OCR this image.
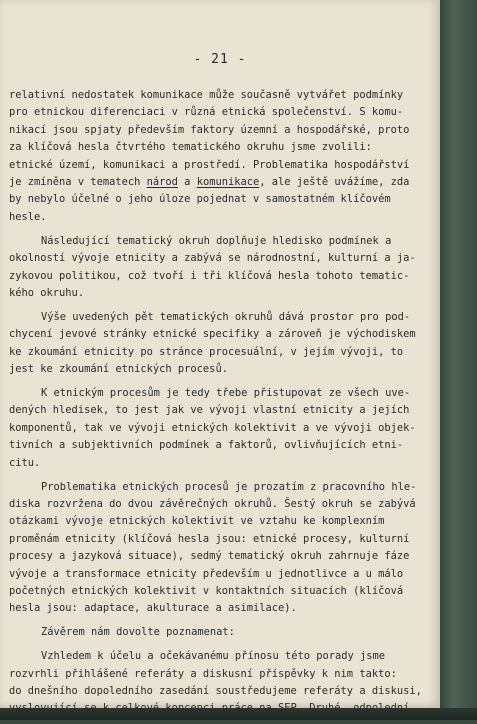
- 21 -
relativní nedostatek komunikace může současně vytvářet podmínky
pro etnickou diferenciaci v různá etnická společenství. S komu-
nikací jsou spjaty především faktory územní a hospodářské, proto
za klíčová hesla čtvrtého tematického okruhu jsme zvolili:
etnické území, komunikaci a prostředí. Problematika hospodářství
je zmíněna v tematech národ a komunikace, ale ještě uvážíme, zda
by nebylo účelné o jeho úloze pojednat v samostatném klíčovém
hesle.
Následující tematický okruh doplňuje hledisko podmínek a
okolností vývoje etnicity a zabývá se národnostní, kulturní a ja-
zykovou politikou, což tvoří i tři klíčová hesla tohoto tematic-
kého okruhu.
Výše uvedených pět tematických okruhů dává prostor pro pod-
chycení jevové stránky etnické specifiky a zároveň je východiskem
ke zkoumání etnicity po stránce procesuální, v jejím vývoji, to
jest ke zkoumání etnických procesů.
K etnickým procesům je tedy třebe přistupovat ze všech uve-
dených hledisek, to jest jak ve vývoji vlastní etnicity a jejích
komponentů, tak ve vývoji etnických kolektivit a ve vývoji objek-
tivních a subjektivních podmínek a faktorů, ovlivňujících etni-
citu.
Problematika etnických procesů je prozatím z pracovního hle-
diska rozvržena do dvou závěrečných okruhů. Šestý okruh se zabývá
otázkami vývoje etnických kolektivit ve vztahu ke komplexním
proměnám etnicity (klíčová hesla jsou: etnické procesy, kulturní
procesy a jazyková situace), sedmý tematický okruh zahrnuje fáze
vývoje a transformace etnicity především u jednotlivce a u málo
početných etnických kolektivit v kontaktních situacích (klíčová
hesla jsou: adaptace, akulturace a asimilace).
Závěrem nám dovolte poznamenat:
Vzhledem k účelu a očekávanému přínosu této porady jsme
rozvrhli přihlášené referáty a diskusní příspěvky k nim takto:
do dnešního dopoledního zasedání soustředujeme referáty a diskusi,
vyslovující se k celkové koncepci práce na SEP. Druhé, odpolední
